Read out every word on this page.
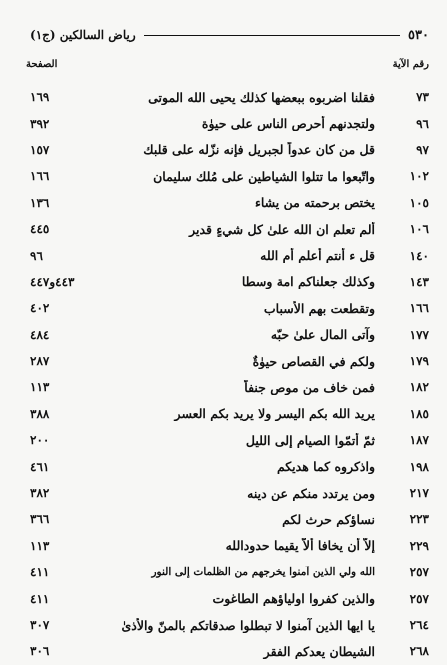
٥٣٠
رياض السالكين (ج١)
رقم الآية
الصفحة
٧٣
فقلنا اضربوه ببعضها كذلك يحيى الله الموتى
١٦٩
٩٦
ولتجدنهم أحرص الناس على حيوٰة
٣٩٢
٩٧
قل من كان عدواً لجبريل فإنه نزّله على قلبك
١٥٧
١٠٢
واتّبعوا ما تتلوا الشياطين على مُلك سليمان
١٦٦
١٠٥
يختص برحمته من يشاء
١٣٦
١٠٦
ألم تعلم ان الله علىٰ كل شيءٍ قدير
٤٤٥
١٤٠
قل ء أنتم أعلم أم الله
٩٦
١٤٣
وكذلك جعلناكم امة وسطا
٤٤٣و٤٤٧
١٦٦
وتقطعت بهم الأسباب
٤٠٢
١٧٧
وآتى المال علىٰ حبّه
٤٨٤
١٧٩
ولكم في القصاص حيوٰةٌ
٢٨٧
١٨٢
فمن خاف من موص جنفاً
١١٣
١٨٥
يريد الله بكم اليسر ولا يريد بكم العسر
٣٨٨
١٨٧
ثمّ أتمّوا الصيام إلى الليل
٢٠٠
١٩٨
واذكروه كما هديكم
٤٦١
٢١٧
ومن يرتدد منكم عن دينه
٣٨٢
٢٢٣
نساؤكم حرث لكم
٣٦٦
٢٢٩
إلاّ أن يخافا ألاّ يقيما حدودالله
١١٣
٢٥٧
الله ولي الذين آمنوا يخرجهم من الظلمات إلى النور
٤١١
٢٥٧
والذين كفروا اولياؤهم الطاغوت
٤١١
٢٦٤
يا ايها الذين آمنوا لا تبطلوا صدقاتكم بالمنّ والأذىٰ
٣٠٧
٢٦٨
الشيطان يعدكم الفقر
٣٠٦
